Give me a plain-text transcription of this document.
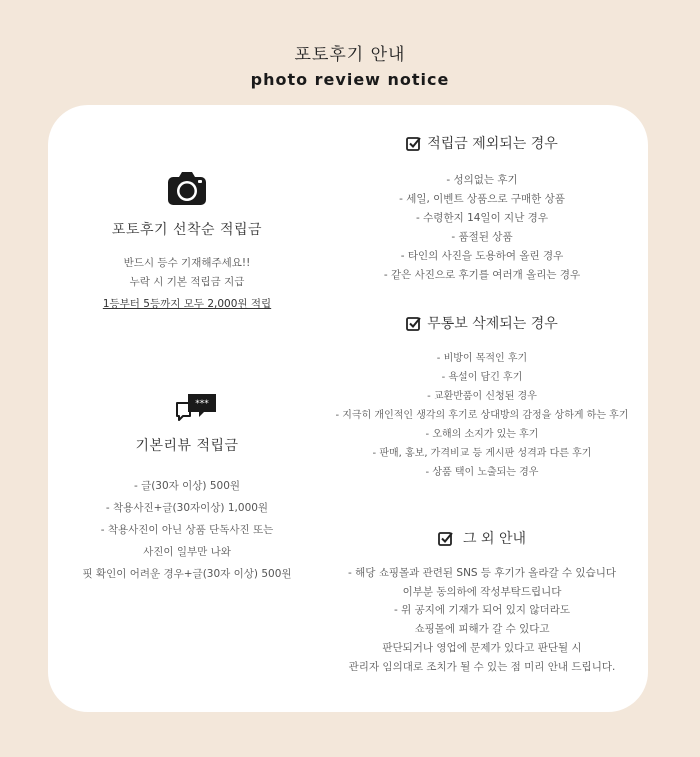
포토후기 안내
photo review notice
포토후기 선착순 적립금
반드시 등수 기재해주세요!!
누락 시 기본 적립금 지급
1등부터 5등까지 모두 2,000원 적립
***
기본리뷰 적립금
- 글(30자 이상) 500원
- 착용사진+글(30자이상) 1,000원
- 착용사진이 아닌 상품 단독사진 또는
사진이 일부만 나와
핏 확인이 어려운 경우+글(30자 이상) 500원
적립금 제외되는 경우
- 성의없는 후기
- 세일, 이벤트 상품으로 구매한 상품
- 수령한지 14일이 지난 경우
- 품절된 상품
- 타인의 사진을 도용하여 올린 경우
- 같은 사진으로 후기를 여러개 올리는 경우
무통보 삭제되는 경우
- 비방이 목적인 후기
- 욕설이 담긴 후기
- 교환반품이 신청된 경우
- 지극히 개인적인 생각의 후기로 상대방의 감정을 상하게 하는 후기
- 오해의 소지가 있는 후기
- 판매, 홍보, 가격비교 등 게시판 성격과 다른 후기
- 상품 택이 노출되는 경우
그 외 안내
- 해당 쇼핑몰과 관련된 SNS 등 후기가 올라갈 수 있습니다
이부분 동의하에 작성부탁드립니다
- 위 공지에 기재가 되어 있지 않더라도
쇼핑몰에 피해가 갈 수 있다고
판단되거나 영업에 문제가 있다고 판단될 시
관리자 임의대로 조치가 될 수 있는 점 미리 안내 드립니다.
